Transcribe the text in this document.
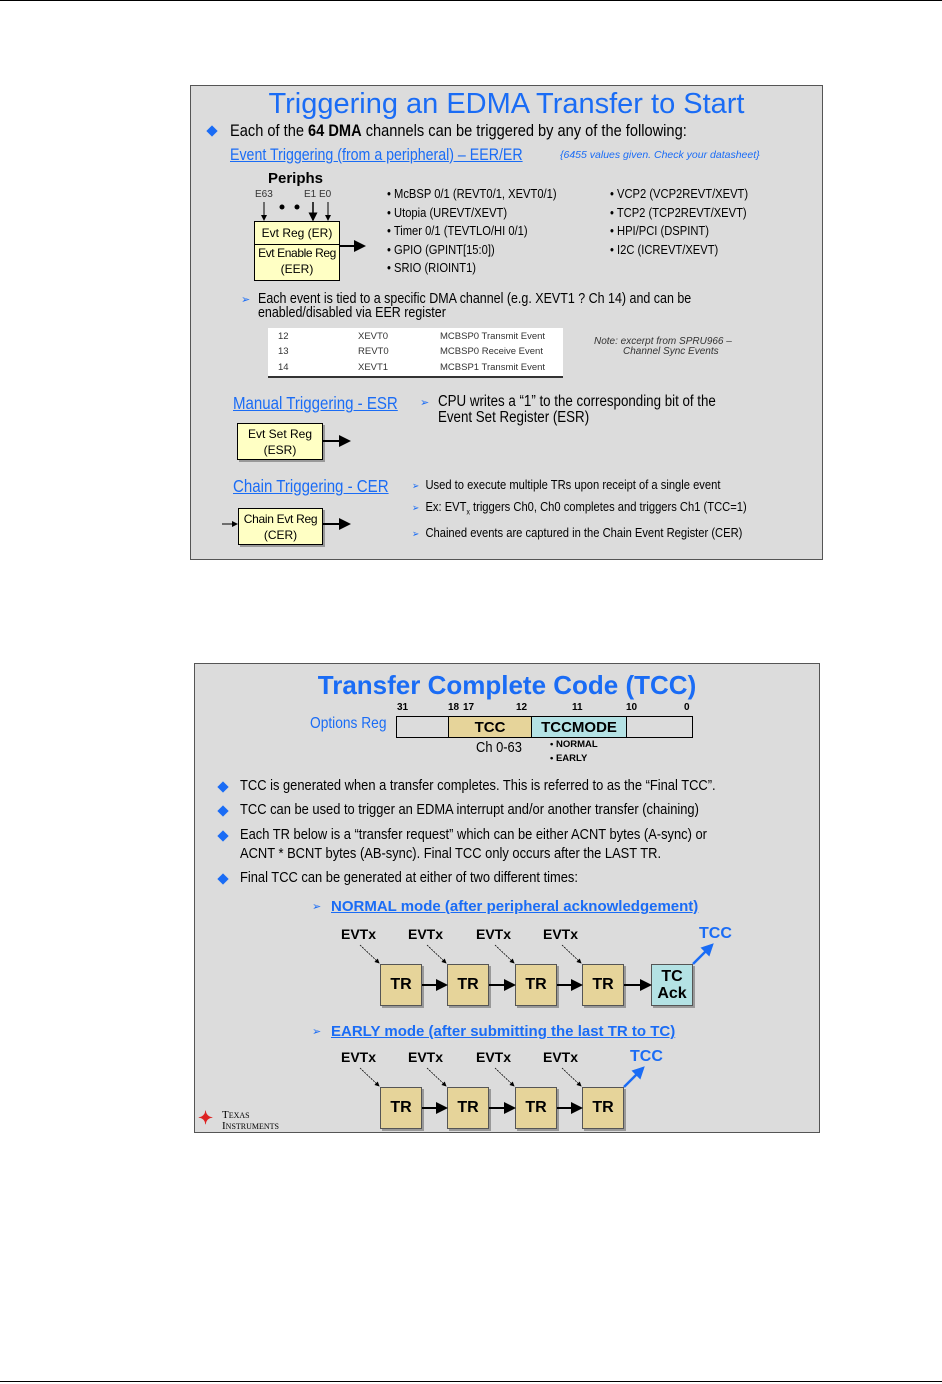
Triggering an EDMA Transfer to Start
Each of the 64 DMA channels can be triggered by any of the following:
Event Triggering (from a peripheral) – EER/ER	{6455 values given. Check your datasheet}
Periphs
E63	E1 E0
Evt Reg (ER)
Evt Enable Reg
(EER)
• McBSP 0/1 (REVT0/1, XEVT0/1)
• Utopia (UREVT/XEVT)
• Timer 0/1 (TEVTLO/HI 0/1)
• GPIO (GPINT[15:0])
• SRIO (RIOINT1)
• VCP2 (VCP2REVT/XEVT)
• TCP2 (TCP2REVT/XEVT)
• HPI/PCI (DSPINT)
• I2C (ICREVT/XEVT)
➢ Each event is tied to a specific DMA channel (e.g. XEVT1 ? Ch 14) and can be
enabled/disabled via EER register
12	XEVT0	MCBSP0 Transmit Event
13	REVT0	MCBSP0 Receive Event
14	XEVT1	MCBSP1 Transmit Event
Note: excerpt from SPRU966 –
Channel Sync Events
Manual Triggering - ESR ➢ CPU writes a “1” to the corresponding bit of the
Event Set Register (ESR)
Evt Set Reg
(ESR)
Chain Triggering - CER ➢ Used to execute multiple TRs upon receipt of a single event
➢ Ex: $EVT_x$ triggers Ch0, Ch0 completes and triggers Ch1 (TCC=1)
➢ Chained events are captured in the Chain Event Register (CER)
Chain Evt Reg
(CER)
Transfer Complete Code (TCC)
Options Reg
31	18 17	12	11	10	0
TCC	TCCMODE
Ch 0-63	• NORMAL
• EARLY
TCC is generated when a transfer completes. This is referred to as the “Final TCC”.
TCC can be used to trigger an EDMA interrupt and/or another transfer (chaining)
Each TR below is a “transfer request” which can be either ACNT bytes (A-sync) or
ACNT * BCNT bytes (AB-sync). Final TCC only occurs after the LAST TR.
Final TCC can be generated at either of two different times:
➢ NORMAL mode (after peripheral acknowledgement)
➢ EARLY mode (after submitting the last TR to TC)
EVTx
TR
EVTx
TR
EVTx
TR
EVTx
TR	TC
Ack
TCC
EVTx
TR
EVTx
TR
EVTx
TR
EVTx
TR
TCC
✦ Texas
Instruments
